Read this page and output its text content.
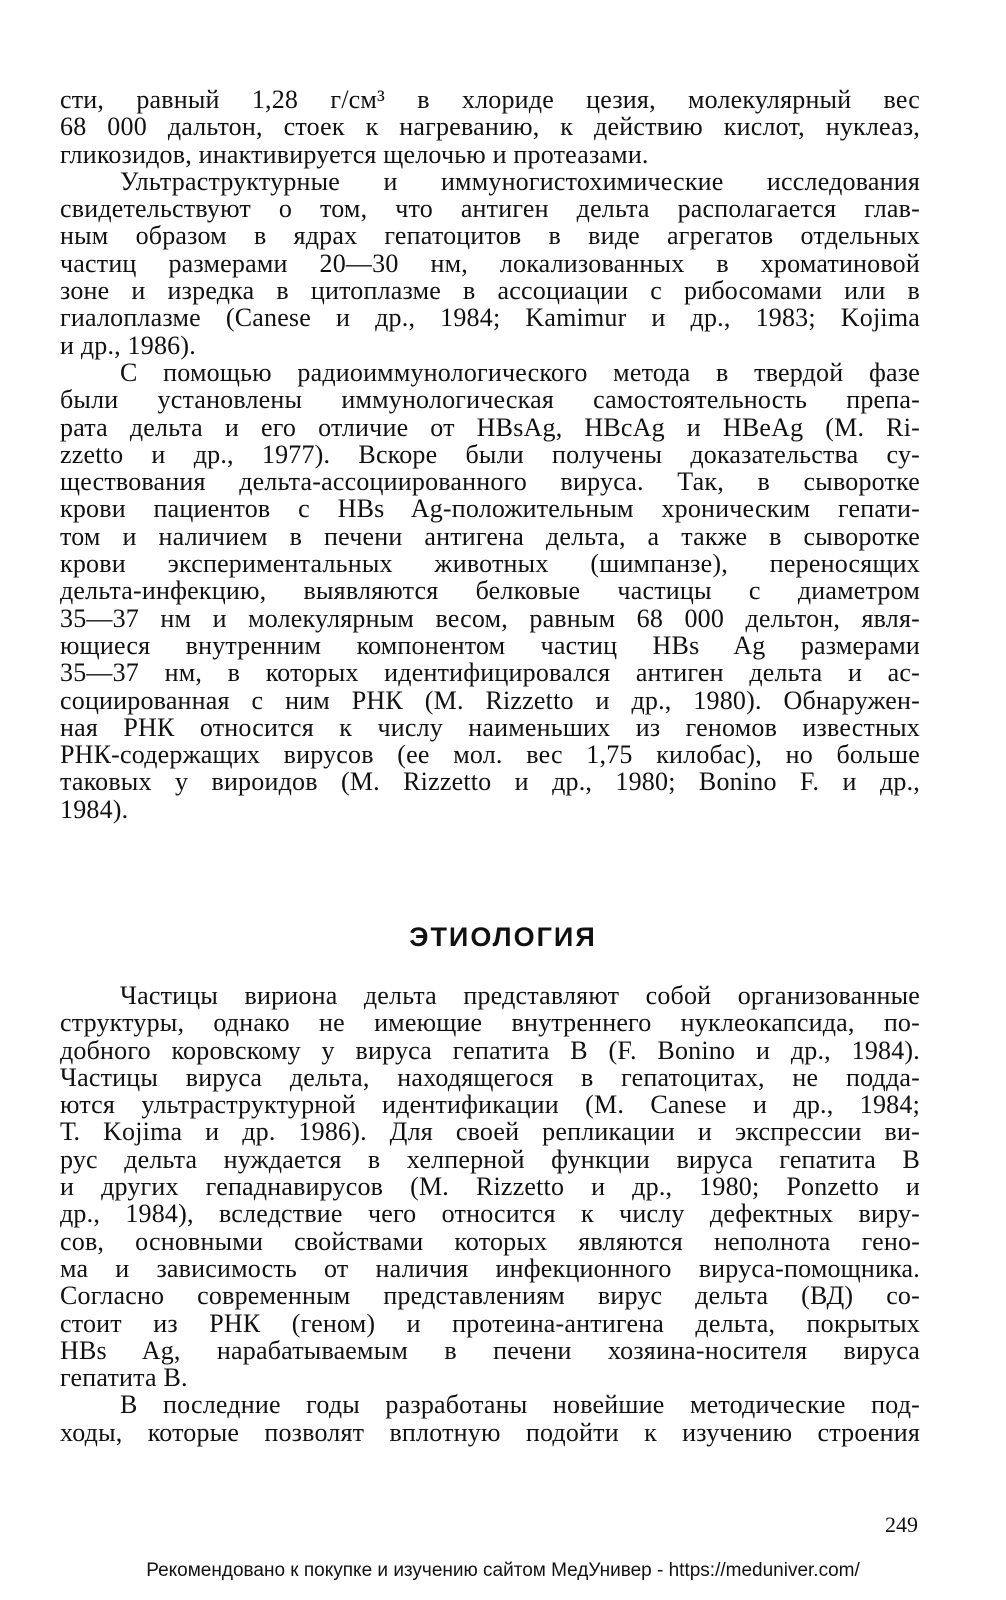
сти, равный 1,28 г/см³ в хлориде цезия, молекулярный вес
68 000 дальтон, стоек к нагреванию, к действию кислот, нуклеаз,
гликозидов, инактивируется щелочью и протеазами.
Ультраструктурные и иммуногистохимические исследования
свидетельствуют о том, что антиген дельта располагается глав-
ным образом в ядрах гепатоцитов в виде агрегатов отдельных
частиц размерами 20—30 нм, локализованных в хроматиновой
зоне и изредка в цитоплазме в ассоциации с рибосомами или в
гиалоплазме (Canese и др., 1984; Kamimur и др., 1983; Kojima
и др., 1986).
С помощью радиоиммунологического метода в твердой фазе
были установлены иммунологическая самостоятельность препа-
рата дельта и его отличие от HBsAg, HBcAg и HBeAg (M. Ri-
zzetto и др., 1977). Вскоре были получены доказательства су-
ществования дельта-ассоциированного вируса. Так, в сыворотке
крови пациентов с HBs Ag-положительным хроническим гепати-
том и наличием в печени антигена дельта, а также в сыворотке
крови экспериментальных животных (шимпанзе), переносящих
дельта-инфекцию, выявляются белковые частицы с диаметром
35—37 нм и молекулярным весом, равным 68 000 дельтон, явля-
ющиеся внутренним компонентом частиц HBs Ag размерами
35—37 нм, в которых идентифицировался антиген дельта и ас-
социированная с ним РНК (M. Rizzetto и др., 1980). Обнаружен-
ная РНК относится к числу наименьших из геномов известных
РНК-содержащих вирусов (ее мол. вес 1,75 килобас), но больше
таковых у вироидов (M. Rizzetto и др., 1980; Bonino F. и др.,
1984).
ЭТИОЛОГИЯ
Частицы вириона дельта представляют собой организованные
структуры, однако не имеющие внутреннего нуклеокапсида, по-
добного коровскому у вируса гепатита В (F. Bonino и др., 1984).
Частицы вируса дельта, находящегося в гепатоцитах, не подда-
ются ультраструктурной идентификации (M. Canese и др., 1984;
Т. Kojima и др. 1986). Для своей репликации и экспрессии ви-
рус дельта нуждается в хелперной функции вируса гепатита В
и других гепаднавирусов (M. Rizzetto и др., 1980; Ponzetto и
др., 1984), вследствие чего относится к числу дефектных виру-
сов, основными свойствами которых являются неполнота гено-
ма и зависимость от наличия инфекционного вируса-помощника.
Согласно современным представлениям вирус дельта (ВД) со-
стоит из РНК (геном) и протеина-антигена дельта, покрытых
HBs Ag, нарабатываемым в печени хозяина-носителя вируса
гепатита В.
В последние годы разработаны новейшие методические под-
ходы, которые позволят вплотную подойти к изучению строения
249
Рекомендовано к покупке и изучению сайтом МедУнивер - https://meduniver.com/
